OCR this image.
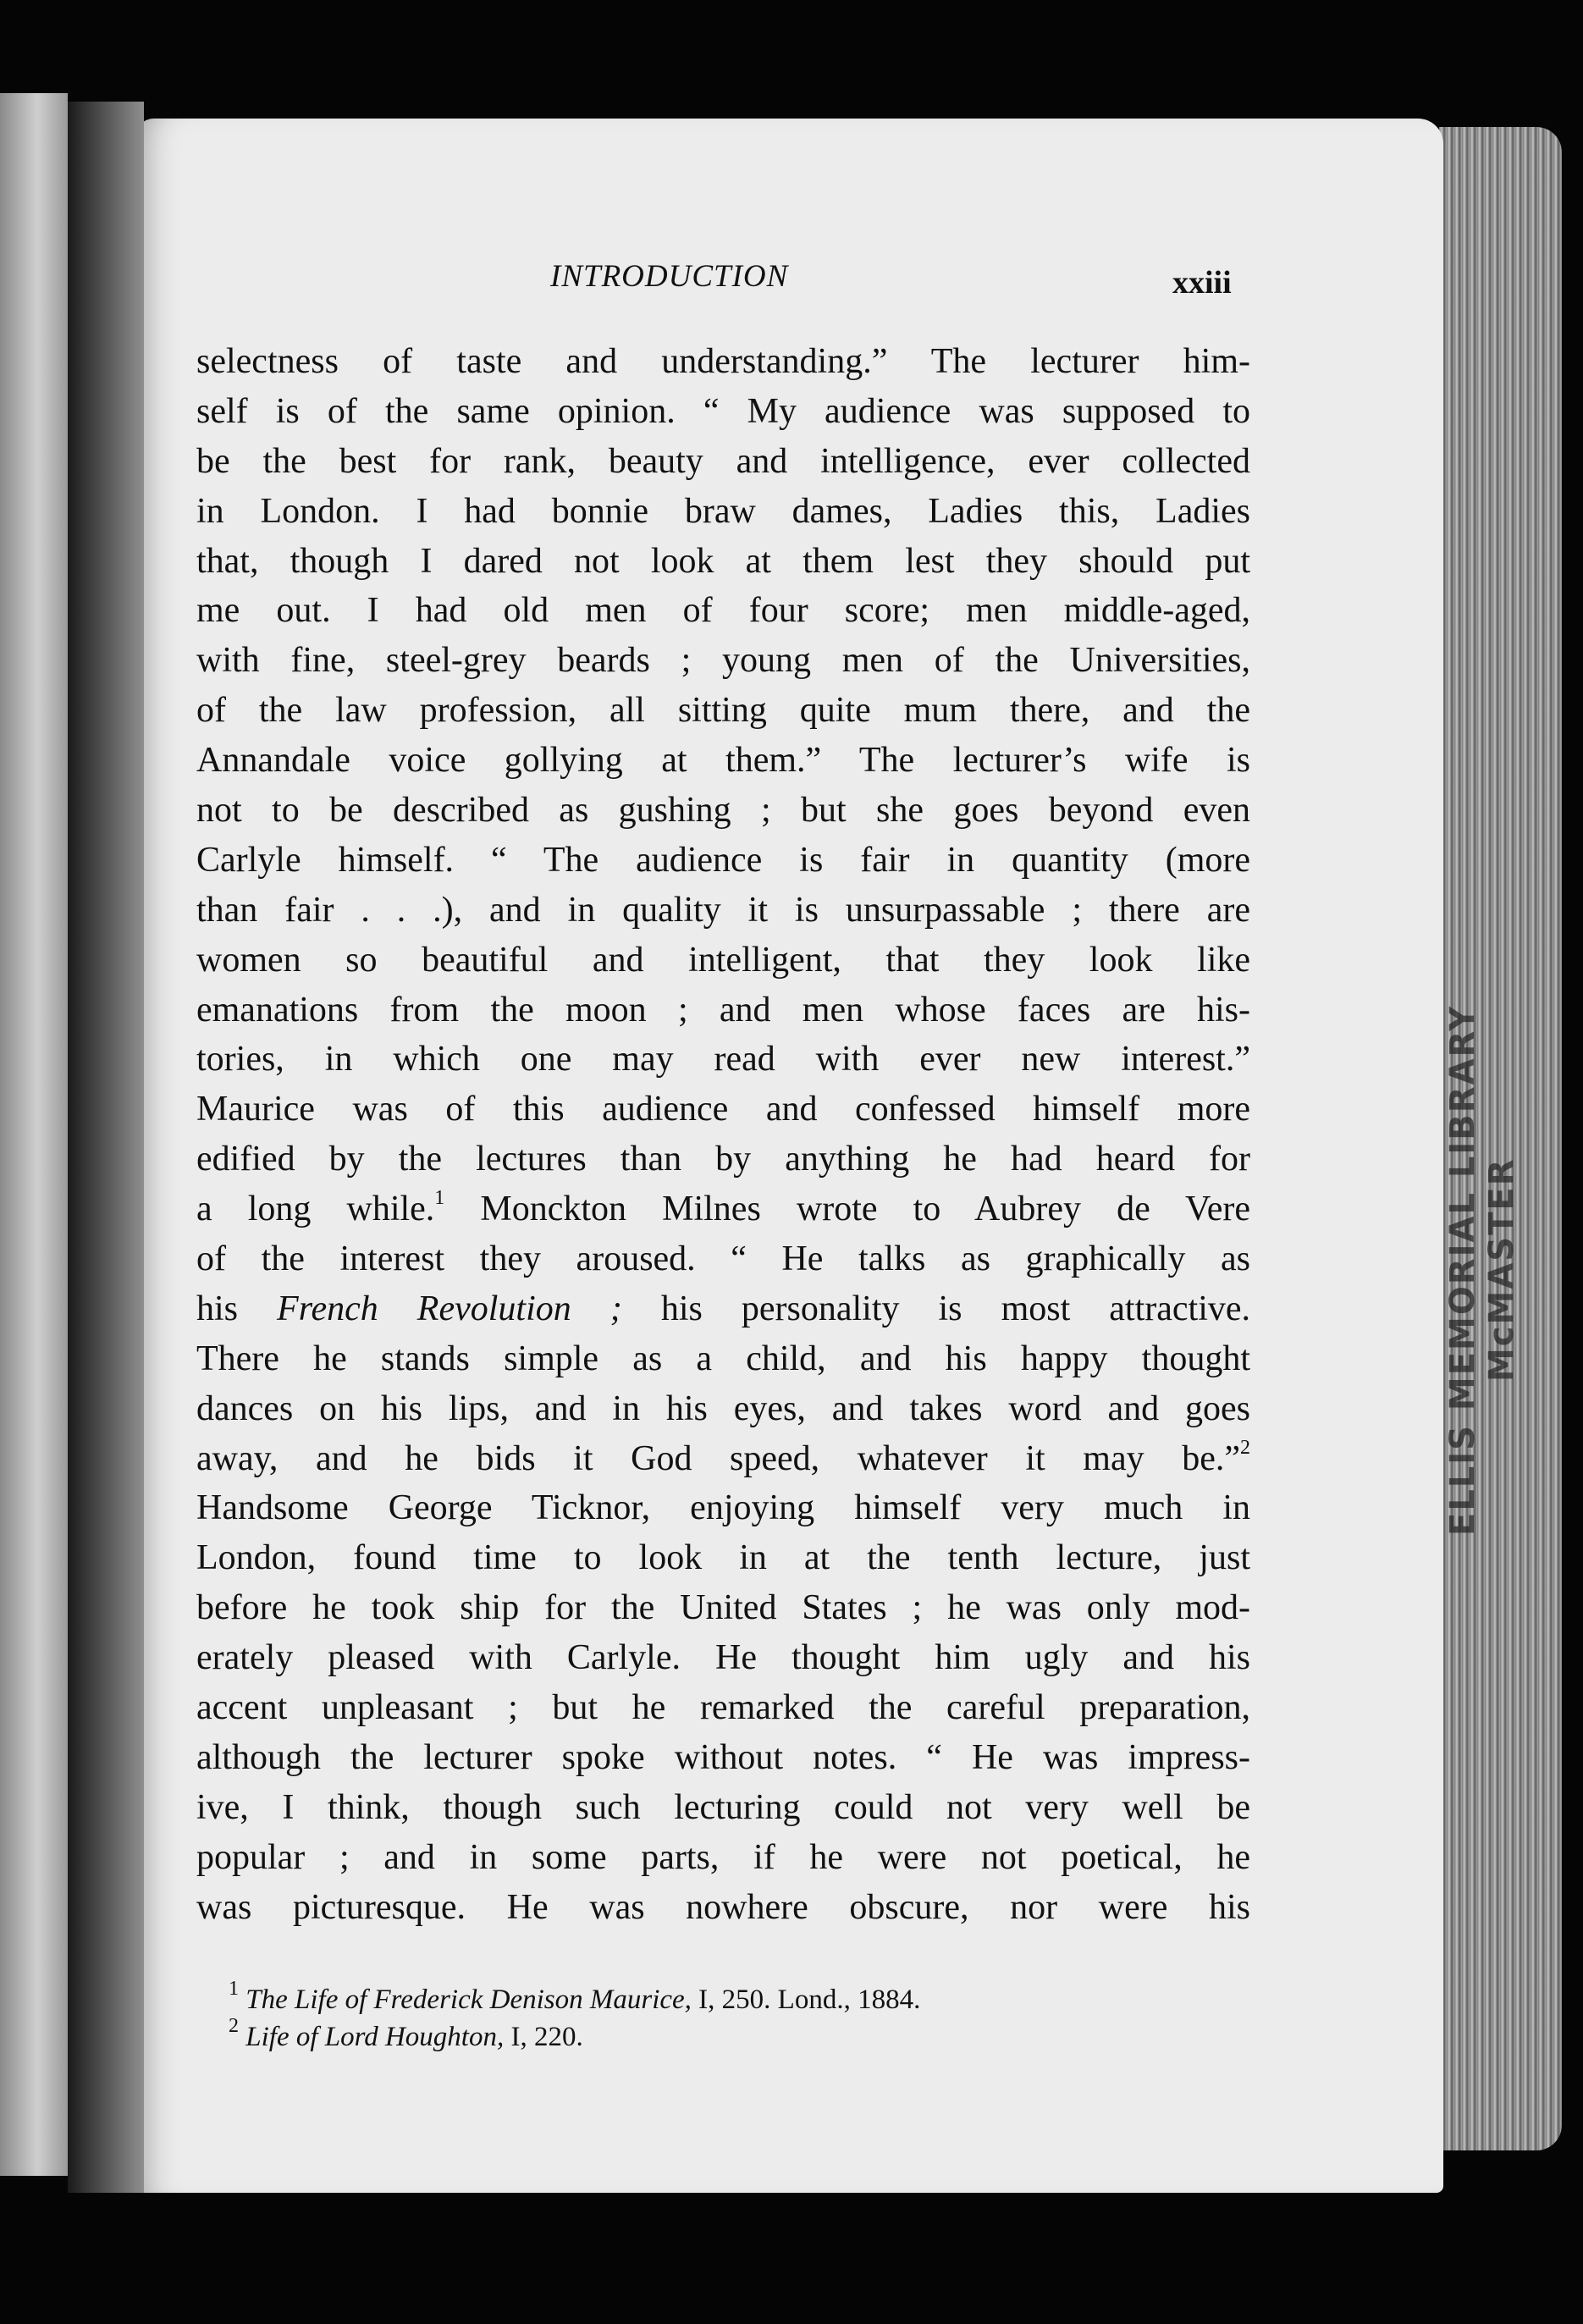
ELLIS MEMORIAL LIBRARY McMASTER
INTRODUCTION	xxiii
selectness of taste and understanding.” The lecturer him-
self is of the same opinion. “ My audience was supposed to
be the best for rank, beauty and intelligence, ever collected
in London. I had bonnie braw dames, Ladies this, Ladies
that, though I dared not look at them lest they should put
me out. I had old men of four score; men middle-aged,
with fine, steel-grey beards ; young men of the Universities,
of the law profession, all sitting quite mum there, and the
Annandale voice gollying at them.” The lecturer’s wife is
not to be described as gushing ; but she goes beyond even
Carlyle himself. “ The audience is fair in quantity (more
than fair . . .), and in quality it is unsurpassable ; there are
women so beautiful and intelligent, that they look like
emanations from the moon ; and men whose faces are his-
tories, in which one may read with ever new interest.”
Maurice was of this audience and confessed himself more
edified by the lectures than by anything he had heard for
a long while.$^1$ Monckton Milnes wrote to Aubrey de Vere
of the interest they aroused. “ He talks as graphically as
his French Revolution ; his personality is most attractive.
There he stands simple as a child, and his happy thought
dances on his lips, and in his eyes, and takes word and goes
away, and he bids it God speed, whatever it may be.”$^2$
Handsome George Ticknor, enjoying himself very much in
London, found time to look in at the tenth lecture, just
before he took ship for the United States ; he was only mod-
erately pleased with Carlyle. He thought him ugly and his
accent unpleasant ; but he remarked the careful preparation,
although the lecturer spoke without notes. “ He was impress-
ive, I think, though such lecturing could not very well be
popular ; and in some parts, if he were not poetical, he
was picturesque. He was nowhere obscure, nor were his
$^1$ The Life of Frederick Denison Maurice, I, 250. Lond., 1884.
$^2$ Life of Lord Houghton, I, 220.
